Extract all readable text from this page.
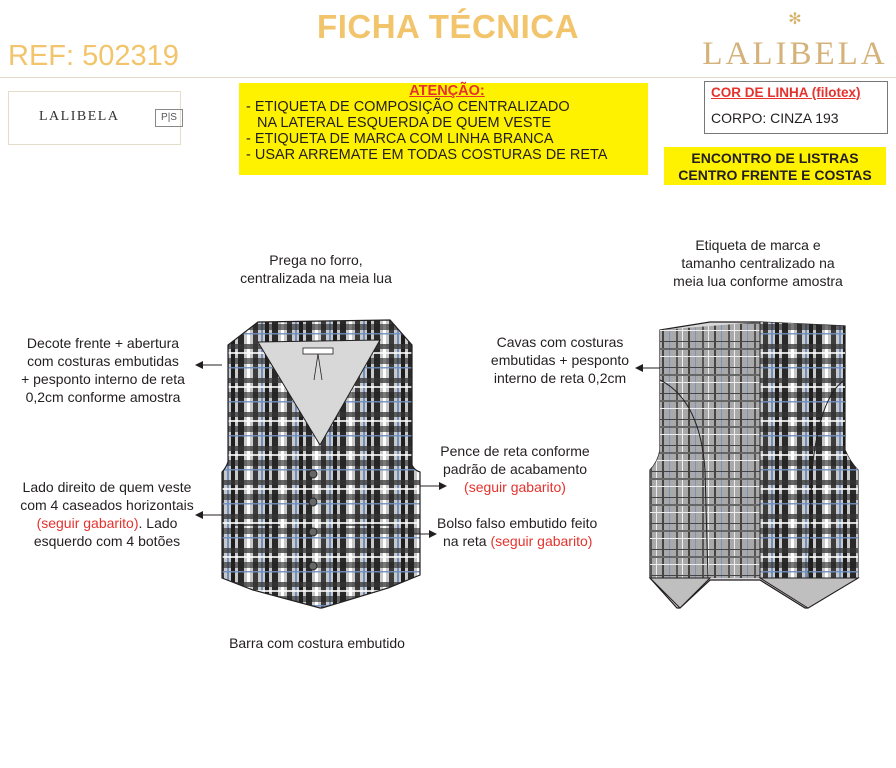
FICHA TÉCNICA
REF: 502319
✻
LALIBELA
LALIBELA	P|S
ATENÇÃO:
- ETIQUETA DE COMPOSIÇÃO CENTRALIZADO
NA LATERAL ESQUERDA DE QUEM VESTE
- ETIQUETA DE MARCA COM LINHA BRANCA
- USAR ARREMATE EM TODAS COSTURAS DE RETA
COR DE LINHA (filotex)
CORPO: CINZA 193
ENCONTRO DE LISTRAS
CENTRO FRENTE E COSTAS
Prega no forro,
centralizada na meia lua
Decote frente + abertura
com costuras embutidas
+ pesponto interno de reta
0,2cm conforme amostra
Lado direito de quem veste
com 4 caseados horizontais
(seguir gabarito). Lado
esquerdo com 4 botões
Pence de reta conforme
padrão de acabamento
(seguir gabarito)
Bolso falso embutido feito
na reta (seguir gabarito)
Barra com costura embutido
Etiqueta de marca e
tamanho centralizado na
meia lua conforme amostra
Cavas com costuras
embutidas + pesponto
interno de reta 0,2cm
